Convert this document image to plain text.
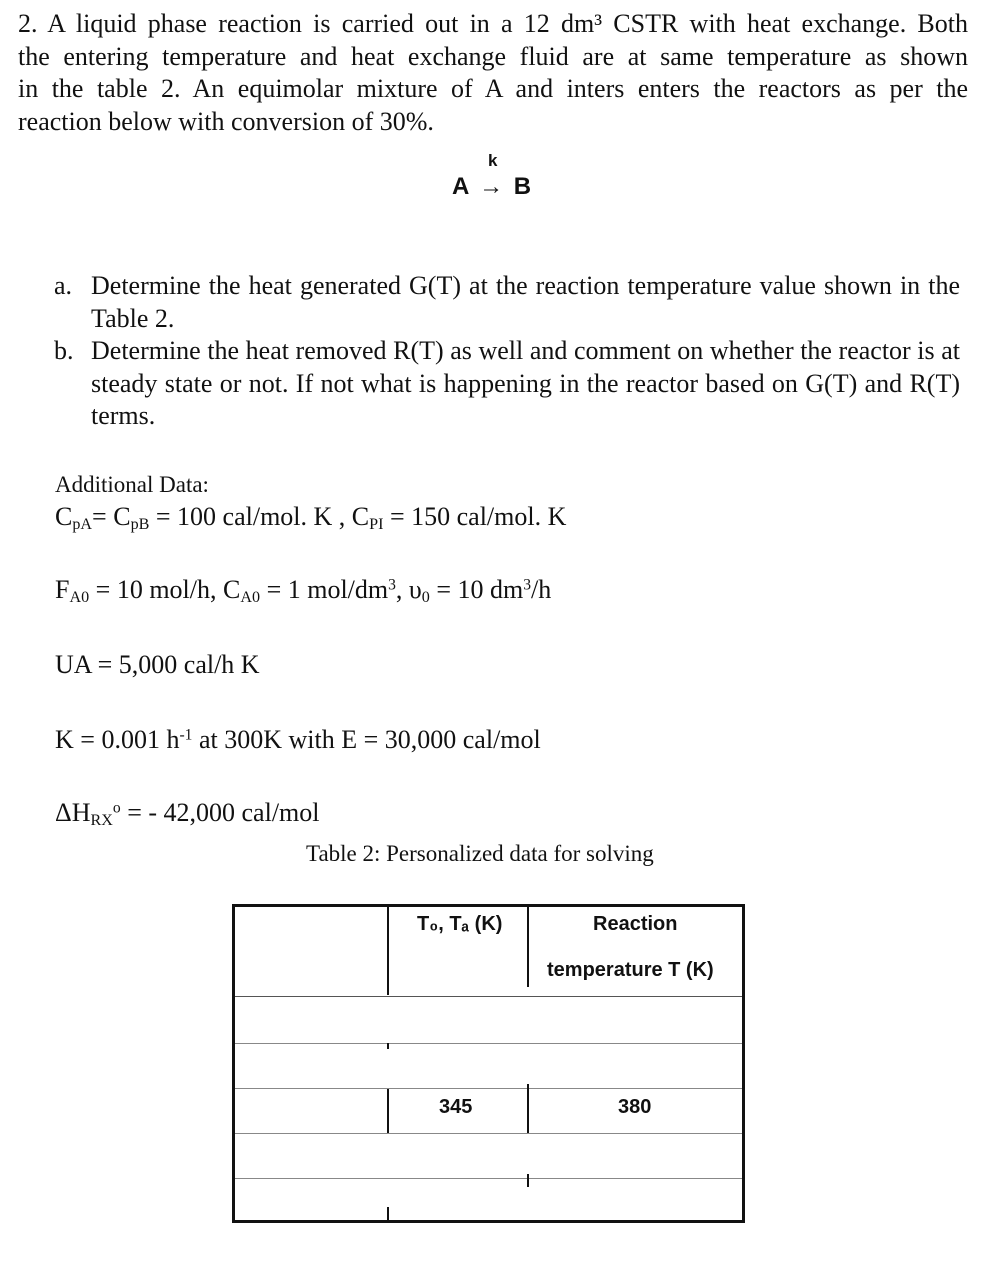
2. A liquid phase reaction is carried out in a 12 dm³ CSTR with heat exchange. Both
the entering temperature and heat exchange fluid are at same temperature as shown
in the table 2. An equimolar mixture of A and inters enters the reactors as per the
reaction below with conversion of 30%.
k
A → B
a. Determine the heat generated G(T) at the reaction temperature value shown in the Table 2.
b. Determine the heat removed R(T) as well and comment on whether the reactor is at steady state or not. If not what is happening in the reactor based on G(T) and R(T) terms.
Additional Data:
$C_{pA}= C_{pB} = 100$ cal/mol. K , $C_{PI} = 150$ cal/mol. K
$F_{A0} = 10$ mol/h, $C_{A0} = 1$ mol/$dm^3$, $\upsilon_0 = 10$ $dm^3/h$
UA = 5,000 cal/h K
K = 0.001 $h^{-1}$ at 300K with E = 30,000 cal/mol
$\Delta H_{RX}^o$ = - 42,000 cal/mol
Table 2: Personalized data for solving
T₀, Tₐ (K)	Reaction
temperature T (K)
345	380
